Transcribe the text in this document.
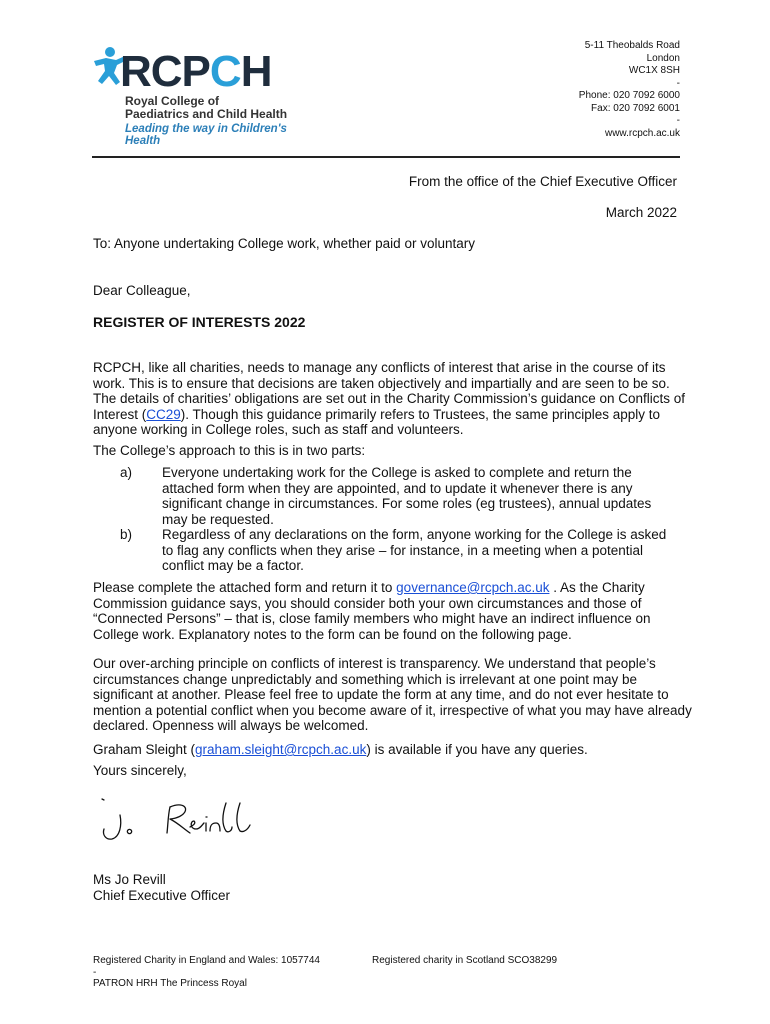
RCPCH
Royal College of
Paediatrics and Child Health
Leading the way in Children's Health
5-11 Theobalds Road
London
WC1X 8SH
-
Phone: 020 7092 6000
Fax: 020 7092 6001
-
www.rcpch.ac.uk
From the office of the Chief Executive Officer
March 2022
To: Anyone undertaking College work, whether paid or voluntary
Dear Colleague,
REGISTER OF INTERESTS 2022
RCPCH, like all charities, needs to manage any conflicts of interest that arise in the course of its work. This is to ensure that decisions are taken objectively and impartially and are seen to be so. The details of charities’ obligations are set out in the Charity Commission’s guidance on Conflicts of Interest (CC29). Though this guidance primarily refers to Trustees, the same principles apply to anyone working in College roles, such as staff and volunteers.
The College’s approach to this is in two parts:
a)	Everyone undertaking work for the College is asked to complete and return the attached form when they are appointed, and to update it whenever there is any significant change in circumstances. For some roles (eg trustees), annual updates may be requested.
b)	Regardless of any declarations on the form, anyone working for the College is asked to flag any conflicts when they arise – for instance, in a meeting when a potential conflict may be a factor.
Please complete the attached form and return it to governance@rcpch.ac.uk . As the Charity Commission guidance says, you should consider both your own circumstances and those of “Connected Persons” – that is, close family members who might have an indirect influence on College work. Explanatory notes to the form can be found on the following page.
Our over-arching principle on conflicts of interest is transparency. We understand that people’s circumstances change unpredictably and something which is irrelevant at one point may be significant at another. Please feel free to update the form at any time, and do not ever hesitate to mention a potential conflict when you become aware of it, irrespective of what you may have already declared. Openness will always be welcomed.
Graham Sleight (graham.sleight@rcpch.ac.uk) is available if you have any queries.
Yours sincerely,
Ms Jo Revill
Chief Executive Officer
Registered Charity in England and Wales: 1057744	Registered charity in Scotland SCO38299
-
PATRON HRH The Princess Royal
